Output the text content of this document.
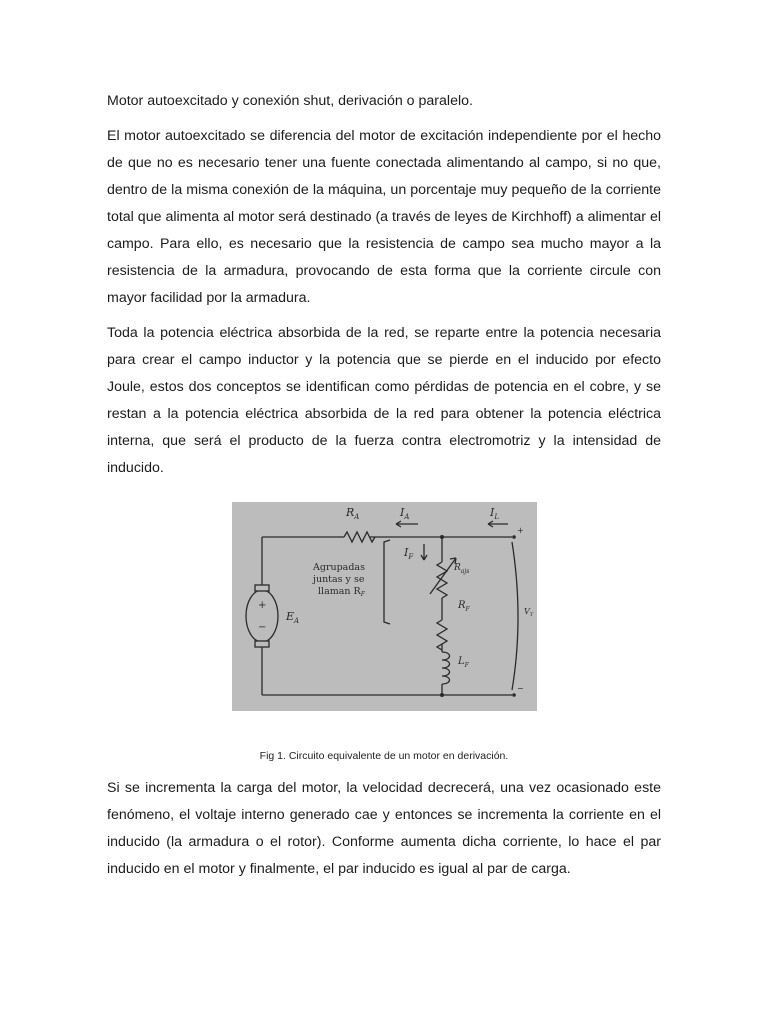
Motor autoexcitado y conexión shut, derivación o paralelo.

El motor autoexcitado se diferencia del motor de excitación independiente por el hecho de que no es necesario tener una fuente conectada alimentando al campo, si no que, dentro de la misma conexión de la máquina, un porcentaje muy pequeño de la corriente total que alimenta al motor será destinado (a través de leyes de Kirchhoff) a alimentar el campo. Para ello, es necesario que la resistencia de campo sea mucho mayor a la resistencia de la armadura, provocando de esta forma que la corriente circule con mayor facilidad por la armadura.

Toda la potencia eléctrica absorbida de la red, se reparte entre la potencia necesaria para crear el campo inductor y la potencia que se pierde en el inducido por efecto Joule, estos dos conceptos se identifican como pérdidas de potencia en el cobre, y se restan a la potencia eléctrica absorbida de la red para obtener la potencia eléctrica interna, que será el producto de la fuerza contra electromotriz y la intensidad de inducido.

$R_A$	$I_A$	$I_L$
$I_F$
$R_{ajs}$
$R_F$
$L_F$
$E_A$
$V_T$
+
−
+
−
Agrupadas
juntas y se
llaman $R_F$

Fig 1. Circuito equivalente de un motor en derivación.

Si se incrementa la carga del motor, la velocidad decrecerá, una vez ocasionado este fenómeno, el voltaje interno generado cae y entonces se incrementa la corriente en el inducido (la armadura o el rotor). Conforme aumenta dicha corriente, lo hace el par inducido en el motor y finalmente, el par inducido es igual al par de carga.
